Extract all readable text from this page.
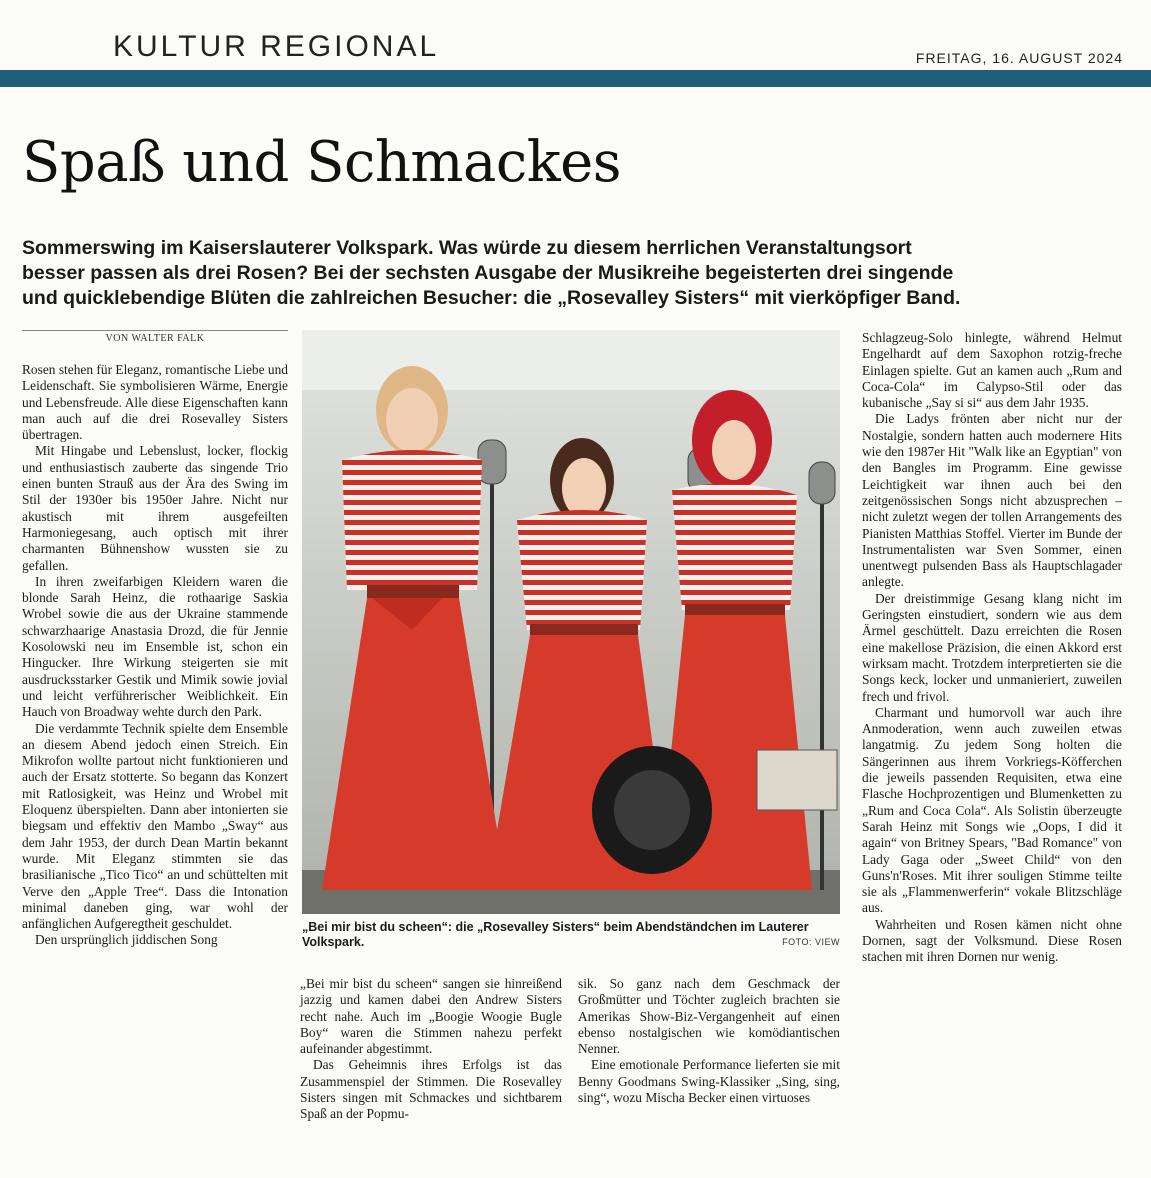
KULTUR REGIONAL	FREITAG, 16. AUGUST 2024
Spaß und Schmackes
Sommerswing im Kaiserslauterer Volkspark. Was würde zu diesem herrlichen Veranstaltungsort
besser passen als drei Rosen? Bei der sechsten Ausgabe der Musikreihe begeisterten drei singende
und quicklebendige Blüten die zahlreichen Besucher: die „Rosevalley Sisters“ mit vierköpfiger Band.
VON WALTER FALK

Rosen stehen für Eleganz, romantische Liebe und Leidenschaft. Sie symbolisieren Wärme, Energie und Lebensfreude. Alle diese Eigenschaften kann man auch auf die drei Rosevalley Sisters übertragen.

Mit Hingabe und Lebenslust, locker, flockig und enthusiastisch zauberte das singende Trio einen bunten Strauß aus der Ära des Swing im Stil der 1930er bis 1950er Jahre. Nicht nur akustisch mit ihrem ausgefeilten Harmoniegesang, auch optisch mit ihrer charmanten Bühnenshow wussten sie zu gefallen.

In ihren zweifarbigen Kleidern waren die blonde Sarah Heinz, die rothaarige Saskia Wrobel sowie die aus der Ukraine stammende schwarzhaarige Anastasia Drozd, die für Jennie Kosolowski neu im Ensemble ist, schon ein Hingucker. Ihre Wirkung steigerten sie mit ausdrucksstarker Gestik und Mimik sowie jovial und leicht verführerischer Weiblichkeit. Ein Hauch von Broadway wehte durch den Park.

Die verdammte Technik spielte dem Ensemble an diesem Abend jedoch einen Streich. Ein Mikrofon wollte partout nicht funktionieren und auch der Ersatz stotterte. So begann das Konzert mit Ratlosigkeit, was Heinz und Wrobel mit Eloquenz überspielten. Dann aber intonierten sie biegsam und effektiv den Mambo „Sway“ aus dem Jahr 1953, der durch Dean Martin bekannt wurde. Mit Eleganz stimmten sie das brasilianische „Tico Tico“ an und schüttelten mit Verve den „Apple Tree“. Dass die Intonation minimal daneben ging, war wohl der anfänglichen Aufgeregtheit geschuldet.

Den ursprünglich jiddischen Song

„Bei mir bist du scheen“: die „Rosevalley Sisters“ beim Abendständchen im Lauterer Volkspark.	FOTO: VIEW

„Bei mir bist du scheen“ sangen sie hinreißend jazzig und kamen dabei den Andrew Sisters recht nahe. Auch im „Boogie Woogie Bugle Boy“ waren die Stimmen nahezu perfekt aufeinander abgestimmt.

Das Geheimnis ihres Erfolgs ist das Zusammenspiel der Stimmen. Die Rosevalley Sisters singen mit Schmackes und sichtbarem Spaß an der Popmu-

sik. So ganz nach dem Geschmack der Großmütter und Töchter zugleich brachten sie Amerikas Show-Biz-Vergangenheit auf einen ebenso nostalgischen wie komödiantischen Nenner.

Eine emotionale Performance lieferten sie mit Benny Goodmans Swing-Klassiker „Sing, sing, sing“, wozu Mischa Becker einen virtuoses

Schlagzeug-Solo hinlegte, während Helmut Engelhardt auf dem Saxophon rotzig-freche Einlagen spielte. Gut an kamen auch „Rum and Coca-Cola“ im Calypso-Stil oder das kubanische „Say si si“ aus dem Jahr 1935.

Die Ladys frönten aber nicht nur der Nostalgie, sondern hatten auch modernere Hits wie den 1987er Hit "Walk like an Egyptian" von den Bangles im Programm. Eine gewisse Leichtigkeit war ihnen auch bei den zeitgenössischen Songs nicht abzusprechen – nicht zuletzt wegen der tollen Arrangements des Pianisten Matthias Stoffel. Vierter im Bunde der Instrumentalisten war Sven Sommer, einen unentwegt pulsenden Bass als Hauptschlagader anlegte.

Der dreistimmige Gesang klang nicht im Geringsten einstudiert, sondern wie aus dem Ärmel geschüttelt. Dazu erreichten die Rosen eine makellose Präzision, die einen Akkord erst wirksam macht. Trotzdem interpretierten sie die Songs keck, locker und unmanieriert, zuweilen frech und frivol.

Charmant und humorvoll war auch ihre Anmoderation, wenn auch zuweilen etwas langatmig. Zu jedem Song holten die Sängerinnen aus ihrem Vorkriegs-Köfferchen die jeweils passenden Requisiten, etwa eine Flasche Hochprozentigen und Blumenketten zu „Rum and Coca Cola“. Als Solistin überzeugte Sarah Heinz mit Songs wie „Oops, I did it again“ von Britney Spears, "Bad Romance" von Lady Gaga oder „Sweet Child“ von den Guns'n'Roses. Mit ihrer souligen Stimme teilte sie als „Flammenwerferin“ vokale Blitzschläge aus.

Wahrheiten und Rosen kämen nicht ohne Dornen, sagt der Volksmund. Diese Rosen stachen mit ihren Dornen nur wenig.
